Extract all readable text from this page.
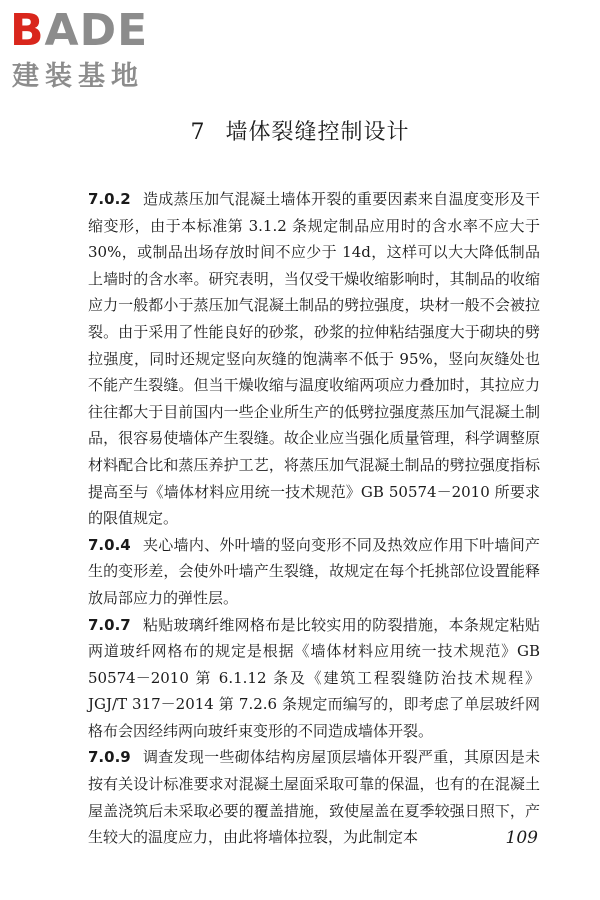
BADE
建装基地
7 墙体裂缝控制设计

7.0.2 造成蒸压加气混凝土墙体开裂的重要因素来自温度变形及干缩变形，由于本标准第 3.1.2 条规定制品应用时的含水率不应大于 30%，或制品出场存放时间不应少于 14d，这样可以大大降低制品上墙时的含水率。研究表明，当仅受干燥收缩影响时，其制品的收缩应力一般都小于蒸压加气混凝土制品的劈拉强度，块材一般不会被拉裂。由于采用了性能良好的砂浆，砂浆的拉伸粘结强度大于砌块的劈拉强度，同时还规定竖向灰缝的饱满率不低于 95%，竖向灰缝处也不能产生裂缝。但当干燥收缩与温度收缩两项应力叠加时，其拉应力往往都大于目前国内一些企业所生产的低劈拉强度蒸压加气混凝土制品，很容易使墙体产生裂缝。故企业应当强化质量管理，科学调整原材料配合比和蒸压养护工艺，将蒸压加气混凝土制品的劈拉强度指标提高至与《墙体材料应用统一技术规范》GB 50574－2010 所要求的限值规定。

7.0.4 夹心墙内、外叶墙的竖向变形不同及热效应作用下叶墙间产生的变形差，会使外叶墙产生裂缝，故规定在每个托挑部位设置能释放局部应力的弹性层。

7.0.7 粘贴玻璃纤维网格布是比较实用的防裂措施，本条规定粘贴两道玻纤网格布的规定是根据《墙体材料应用统一技术规范》GB 50574－2010 第 6.1.12 条及《建筑工程裂缝防治技术规程》JGJ/T 317－2014 第 7.2.6 条规定而编写的，即考虑了单层玻纤网格布会因经纬两向玻纤束变形的不同造成墙体开裂。

7.0.9 调查发现一些砌体结构房屋顶层墙体开裂严重，其原因是未按有关设计标准要求对混凝土屋面采取可靠的保温，也有的在混凝土屋盖浇筑后未采取必要的覆盖措施，致使屋盖在夏季较强日照下，产生较大的温度应力，由此将墙体拉裂，为此制定本	109
